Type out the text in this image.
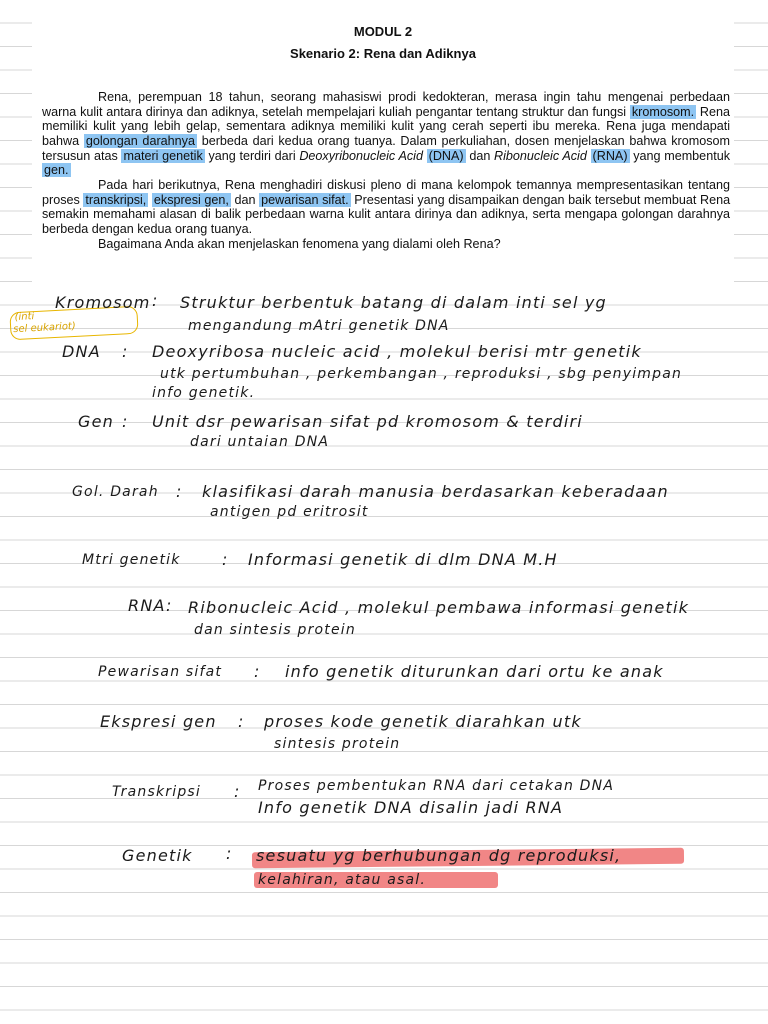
MODUL 2
Skenario 2: Rena dan Adiknya

Rena, perempuan 18 tahun, seorang mahasiswi prodi kedokteran, merasa ingin tahu mengenai perbedaan warna kulit antara dirinya dan adiknya, setelah mempelajari kuliah pengantar tentang struktur dan fungsi kromosom. Rena memiliki kulit yang lebih gelap, sementara adiknya memiliki kulit yang cerah seperti ibu mereka. Rena juga mendapati bahwa golongan darahnya berbeda dari kedua orang tuanya. Dalam perkuliahan, dosen menjelaskan bahwa kromosom tersusun atas materi genetik yang terdiri dari Deoxyribonucleic Acid (DNA) dan Ribonucleic Acid (RNA) yang membentuk gen.

Pada hari berikutnya, Rena menghadiri diskusi pleno di mana kelompok temannya mempresentasikan tentang proses transkripsi, ekspresi gen, dan pewarisan sifat. Presentasi yang disampaikan dengan baik tersebut membuat Rena semakin memahami alasan di balik perbedaan warna kulit antara dirinya dan adiknya, serta mengapa golongan darahnya berbeda dengan kedua orang tuanya.

Bagaimana Anda akan menjelaskan fenomena yang dialami oleh Rena?

(inti
sel eukariot)
Kromosom : Struktur berbentuk batang di dalam inti sel yg
mengandung mAtri genetik DNA
DNA : Deoxyribosa nucleic acid , molekul berisi mtr genetik
utk pertumbuhan , perkembangan , reproduksi , sbg penyimpan
info genetik.
Gen : Unit dsr pewarisan sifat pd kromosom & terdiri
dari untaian DNA
Gol. Darah : klasifikasi darah manusia berdasarkan keberadaan
antigen pd eritrosit
Mtri genetik	: Informasi genetik di dlm DNA M.H
RNA : Ribonucleic Acid , molekul pembawa informasi genetik
dan sintesis protein
Pewarisan sifat : info genetik diturunkan dari ortu ke anak
Ekspresi gen : proses kode genetik diarahkan utk
sintesis protein
Transkripsi : Proses pembentukan RNA dari cetakan DNA
Info genetik DNA disalin jadi RNA
Genetik : sesuatu yg berhubungan dg reproduksi,
kelahiran, atau asal.
